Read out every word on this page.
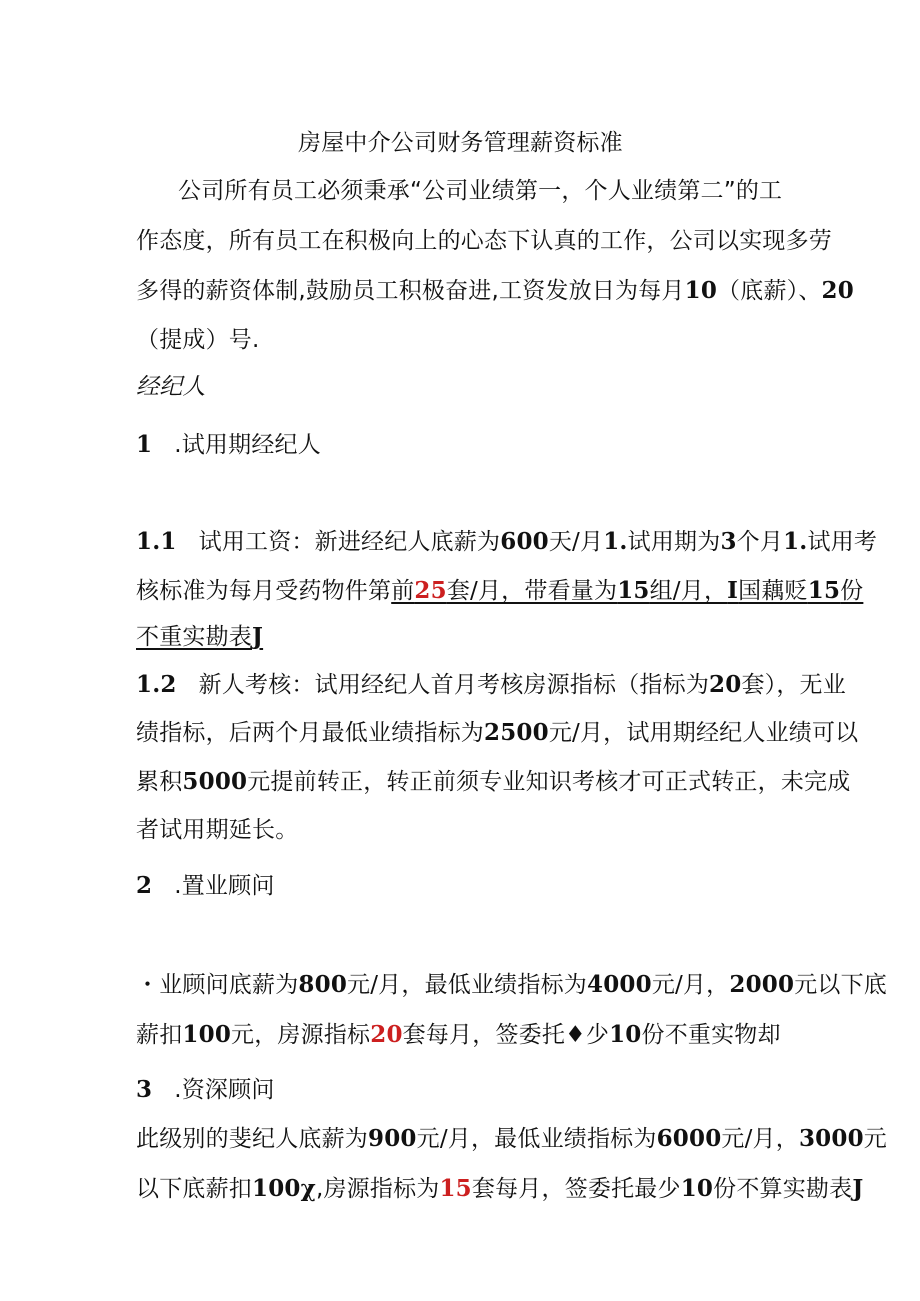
房屋中介公司财务管理薪资标准
公司所有员工必须秉承“公司业绩第一，个人业绩第二”的工
作态度，所有员工在积极向上的心态下认真的工作，公司以实现多劳
多得的薪资体制,鼓励员工积极奋进,工资发放日为每月10（底薪）、20
（提成）号.
经纪人
1 .试用期经纪人
1.1 试用工资：新进经纪人底薪为600天/月1.试用期为3个月1.试用考
核标准为每月受药物件第前25套/月，带看量为15组/月，I国藕贬15份
不重实勘表J
1.2 新人考核：试用经纪人首月考核房源指标（指标为20套），无业
绩指标，后两个月最低业绩指标为2500元/月，试用期经纪人业绩可以
累积5000元提前转正，转正前须专业知识考核才可正式转正，未完成
者试用期延长。
2 .置业顾问
・业顾问底薪为800元/月，最低业绩指标为4000元/月，2000元以下底
薪扣100元，房源指标20套每月，签委托♦少10份不重实物却
3 .资深顾问
此级别的斐纪人底薪为900元/月，最低业绩指标为6000元/月，3000元
以下底薪扣100χ,房源指标为15套每月，签委托最少10份不算实勘表J
